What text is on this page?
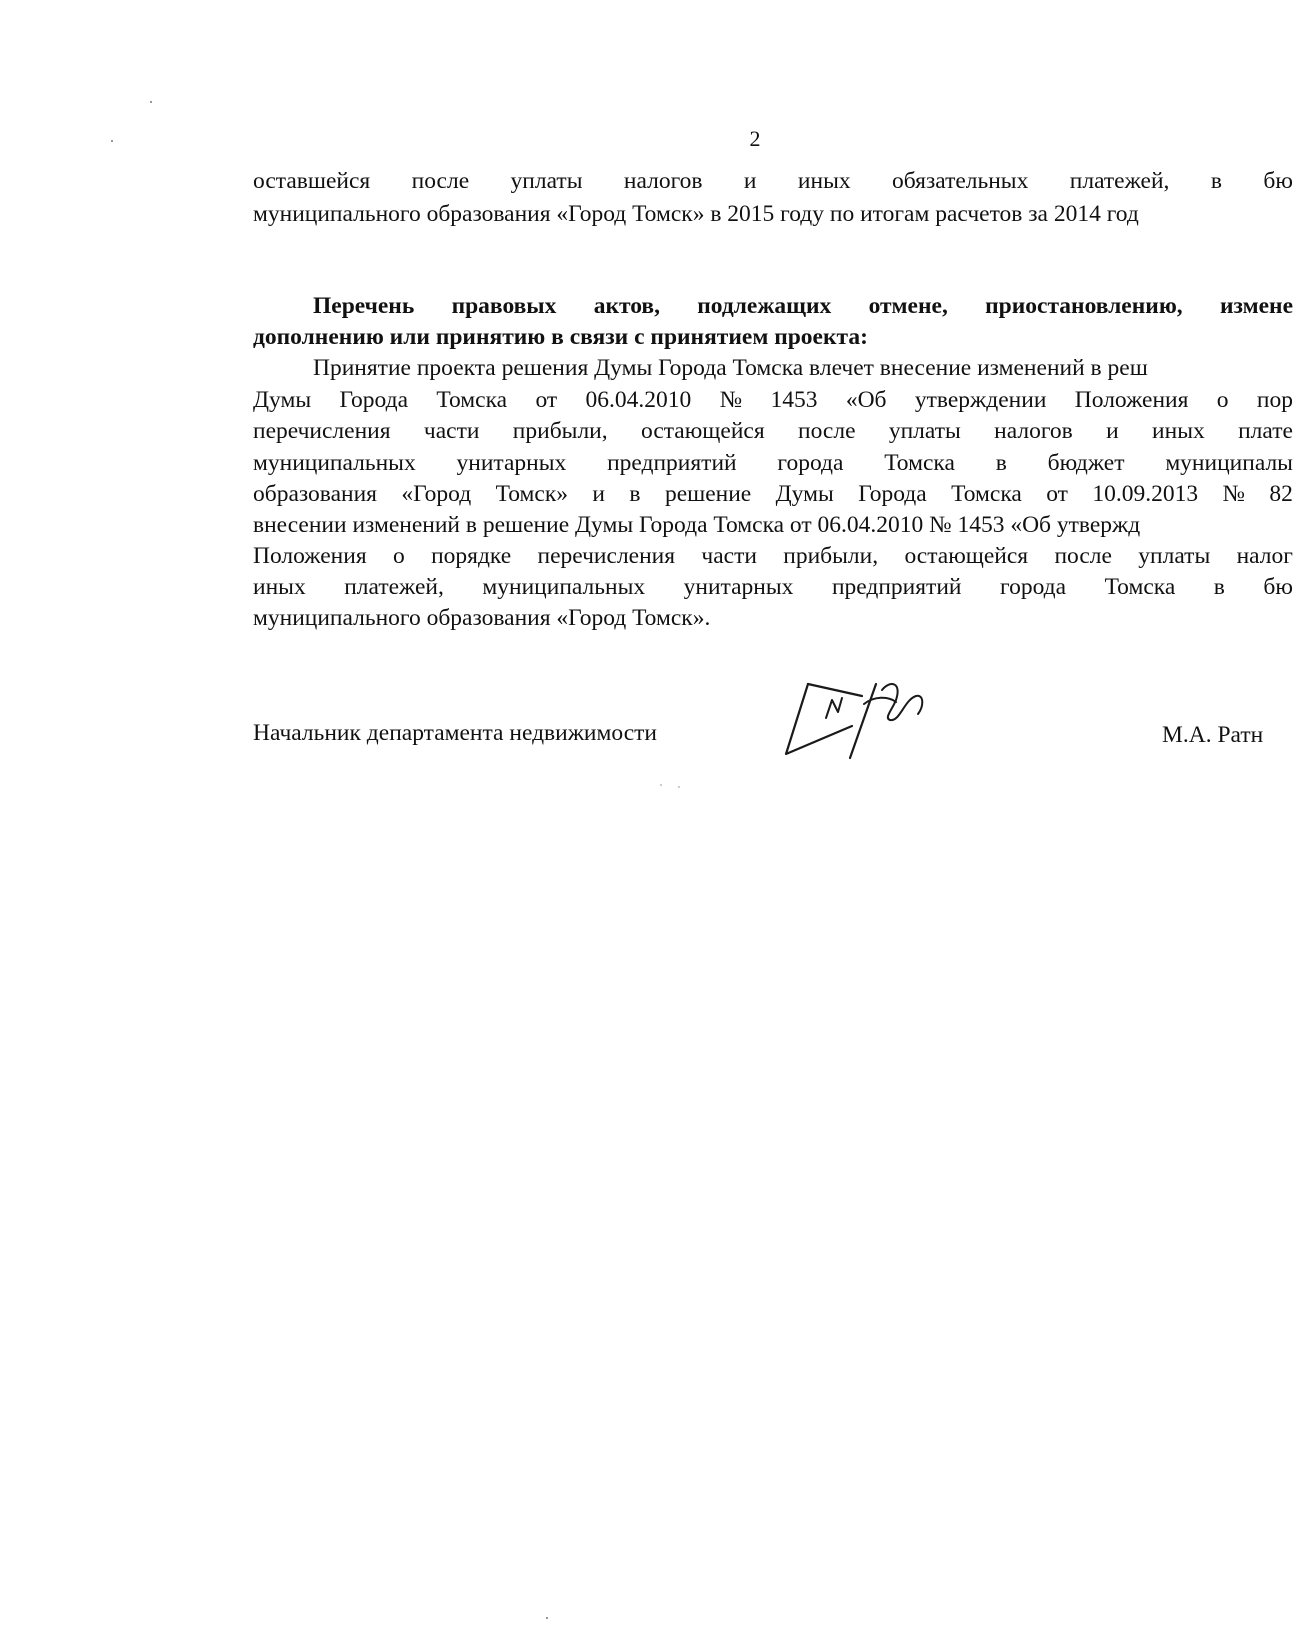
2
оставшейся после уплаты налогов и иных обязательных платежей, в бю
муниципального образования «Город Томск» в 2015 году по итогам расчетов за 2014 год
Перечень правовых актов, подлежащих отмене, приостановлению, измене
дополнению или принятию в связи с принятием проекта:
Принятие проекта решения Думы Города Томска влечет внесение изменений в реш
Думы Города Томска от 06.04.2010 № 1453 «Об утверждении Положения о пор
перечисления части прибыли, остающейся после уплаты налогов и иных плате
муниципальных унитарных предприятий города Томска в бюджет муниципалы
образования «Город Томск» и в решение Думы Города Томска от 10.09.2013 № 82
внесении изменений в решение Думы Города Томска от 06.04.2010 № 1453 «Об утвержд
Положения о порядке перечисления части прибыли, остающейся после уплаты налог
иных платежей, муниципальных унитарных предприятий города Томска в бю
муниципального образования «Город Томск».
Начальник департамента недвижимости	М.А. Ратн
